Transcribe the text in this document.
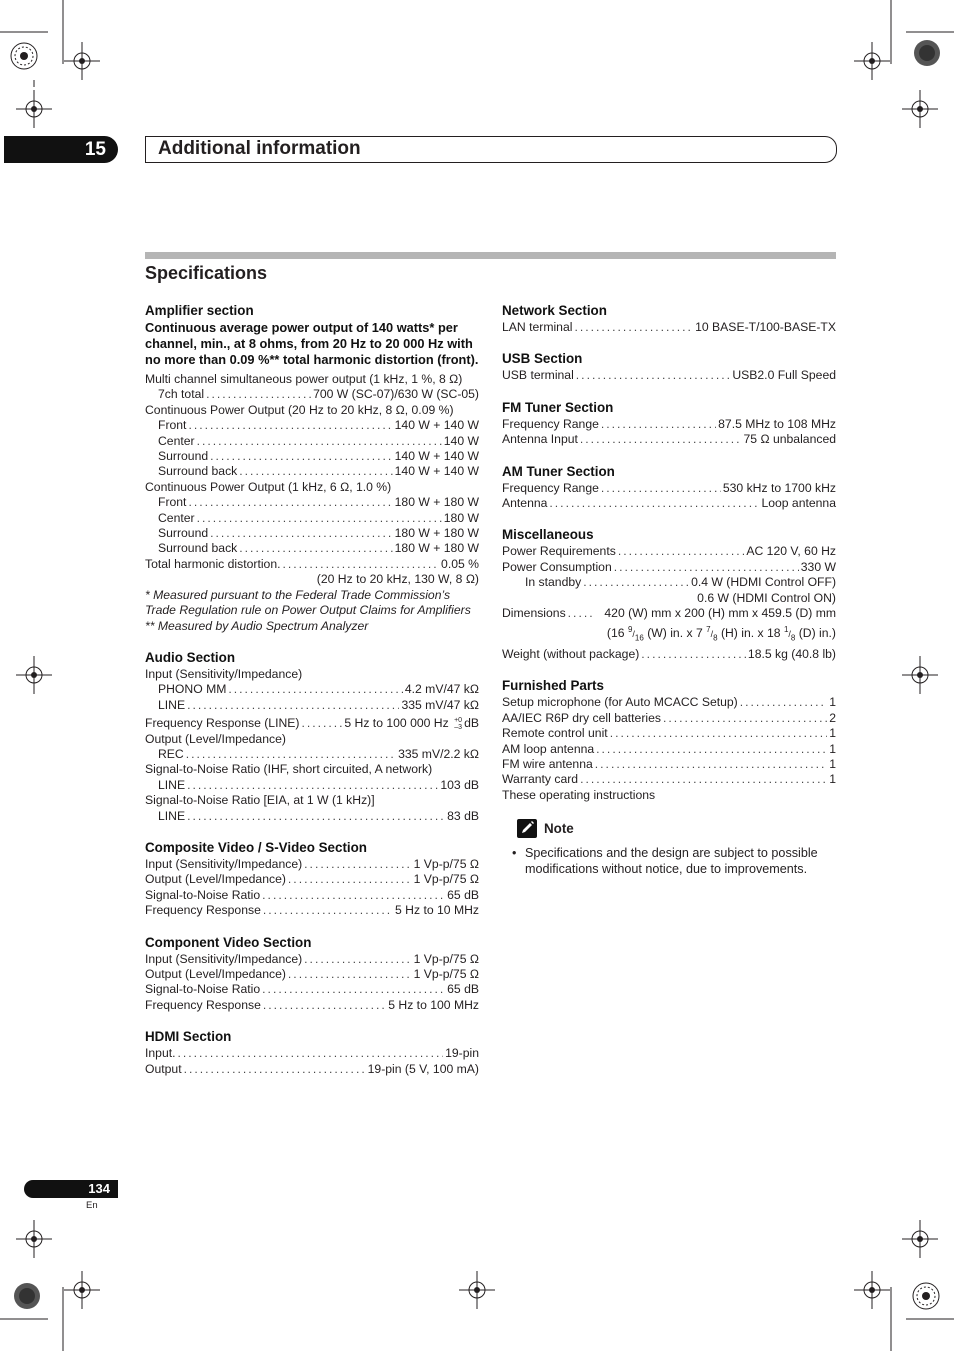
15	Additional information
Specifications
Amplifier section
Continuous average power output of 140 watts* per channel, min., at 8 ohms, from 20 Hz to 20 000 Hz with no more than 0.09 %** total harmonic distortion (front).
Multi channel simultaneous power output (1 kHz, 1 %, 8 Ω)
7ch total .....	700 W (SC-07)/630 W (SC-05)
Continuous Power Output (20 Hz to 20 kHz, 8 Ω, 0.09 %)
Front .....	140 W + 140 W
Center .....	140 W
Surround .....	140 W + 140 W
Surround back .....	140 W + 140 W
Continuous Power Output (1 kHz, 6 Ω, 1.0 %)
Front .....	180 W + 180 W
Center .....	180 W
Surround .....	180 W + 180 W
Surround back .....	180 W + 180 W
Total harmonic distortion. .....	0.05 %
(20 Hz to 20 kHz, 130 W, 8 Ω)
* Measured pursuant to the Federal Trade Commission’s Trade Regulation rule on Power Output Claims for Amplifiers
** Measured by Audio Spectrum Analyzer
Audio Section
Input (Sensitivity/Impedance)
PHONO MM .....	4.2 mV/47 kΩ
LINE .....	335 mV/47 kΩ
Frequency Response (LINE) .....	5 Hz to 100 000 Hz +0
–3 dB
Output (Level/Impedance)
REC .....	335 mV/2.2 kΩ
Signal-to-Noise Ratio (IHF, short circuited, A network)
LINE .....	103 dB
Signal-to-Noise Ratio [EIA, at 1 W (1 kHz)]
LINE .....	83 dB
Composite Video / S-Video Section
Input (Sensitivity/Impedance) .....	1 Vp-p/75 Ω
Output (Level/Impedance) .....	1 Vp-p/75 Ω
Signal-to-Noise Ratio .....	65 dB
Frequency Response .....	5 Hz to 10 MHz
Component Video Section
Input (Sensitivity/Impedance) .....	1 Vp-p/75 Ω
Output (Level/Impedance) .....	1 Vp-p/75 Ω
Signal-to-Noise Ratio .....	65 dB
Frequency Response .....	5 Hz to 100 MHz
HDMI Section
Input. .....	19-pin
Output .....	19-pin (5 V, 100 mA)
Network Section
LAN terminal .....	10 BASE-T/100-BASE-TX
USB Section
USB terminal .....	USB2.0 Full Speed
FM Tuner Section
Frequency Range .....	87.5 MHz to 108 MHz
Antenna Input .....	75 Ω unbalanced
AM Tuner Section
Frequency Range .....	530 kHz to 1700 kHz
Antenna .....	Loop antenna
Miscellaneous
Power Requirements .....	AC 120 V, 60 Hz
Power Consumption .....	330 W
In standby .....	0.4 W (HDMI Control OFF)
0.6 W (HDMI Control ON)
Dimensions .....	420 (W) mm x 200 (H) mm x 459.5 (D) mm
(16 $^9/_{16}$ (W) in. x 7 $^7/_8$ (H) in. x 18 $^1/_8$ (D) in.)
Weight (without package) .....	18.5 kg (40.8 lb)
Furnished Parts
Setup microphone (for Auto MCACC Setup) .....	1
AA/IEC R6P dry cell batteries .....	2
Remote control unit .....	1
AM loop antenna .....	1
FM wire antenna .....	1
Warranty card .....	1
These operating instructions
Note
• Specifications and the design are subject to possible modifications without notice, due to improvements.
134
En
